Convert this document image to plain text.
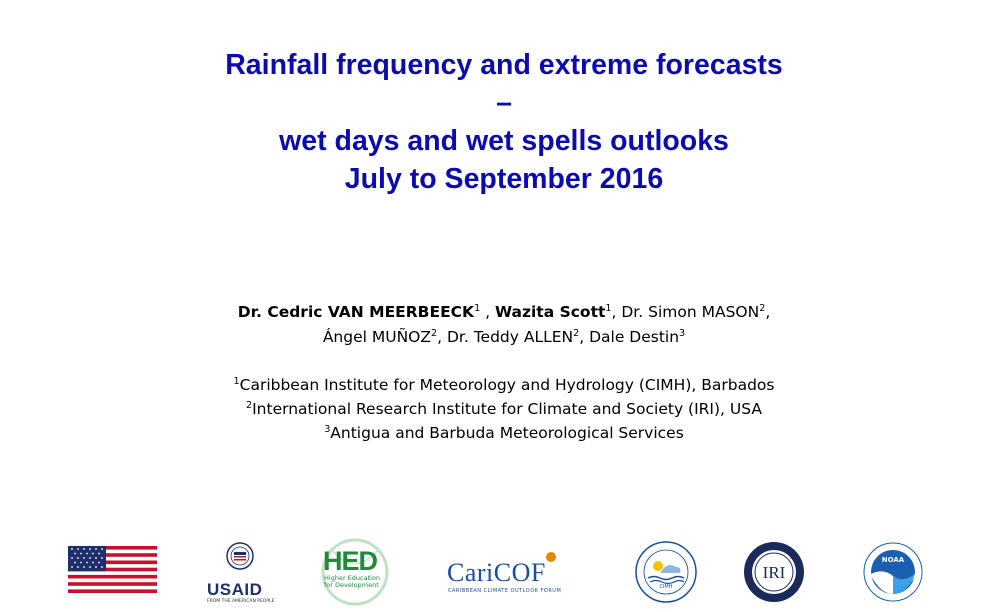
Rainfall frequency and extreme forecasts
–
wet days and wet spells outlooks
July to September 2016
Dr. Cedric VAN MEERBEECK$^1$ , Wazita Scott$^1$, Dr. Simon MASON$^2$,
Ángel MUÑOZ$^2$, Dr. Teddy ALLEN$^2$, Dale Destin$^3$
$^1$Caribbean Institute for Meteorology and Hydrology (CIMH), Barbados
$^2$International Research Institute for Climate and Society (IRI), USA
$^3$Antigua and Barbuda Meteorological Services
USAID
FROM THE AMERICAN PEOPLE
HED
Higher Education for Development	CariCOF
CARIBBEAN CLIMATE OUTLOOK FORUM
CIMH
IRI
NOAA
